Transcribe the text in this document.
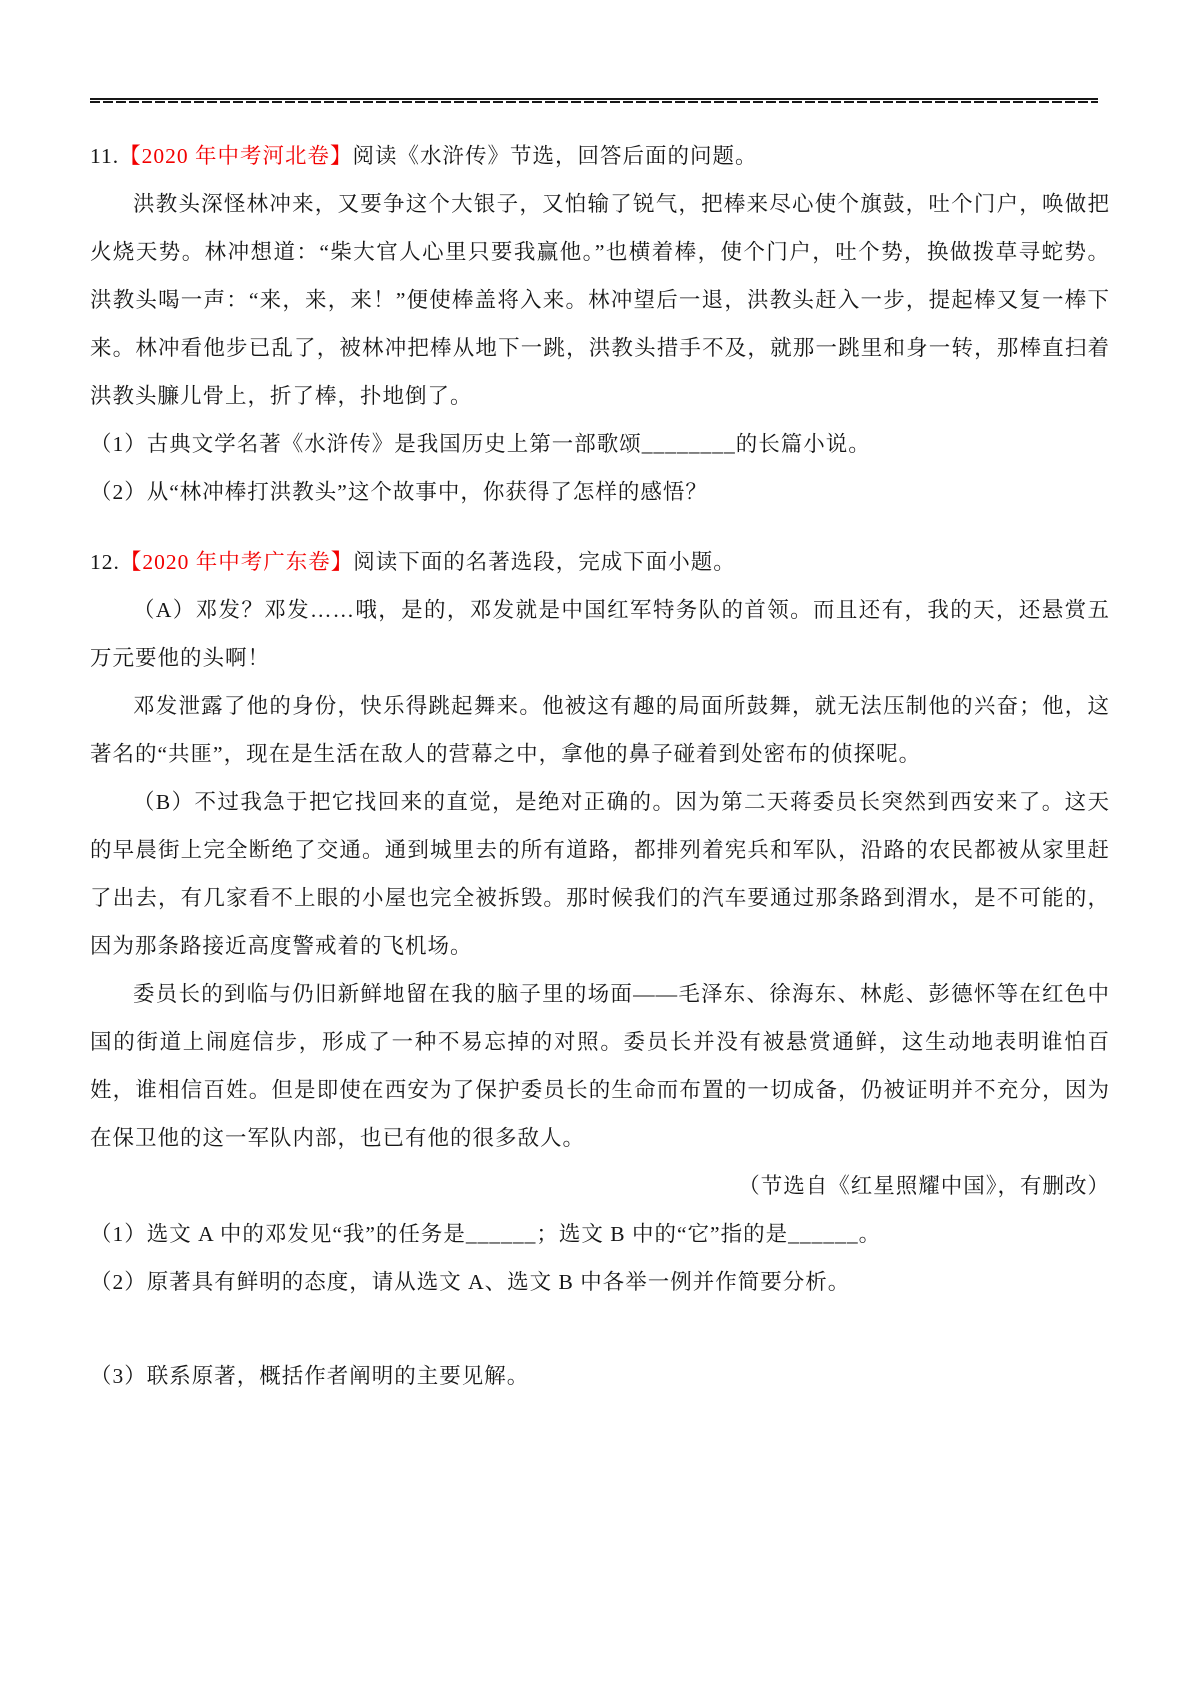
11.【2020 年中考河北卷】阅读《水浒传》节选，回答后面的问题。

洪教头深怪林冲来，又要争这个大银子，又怕输了锐气，把棒来尽心使个旗鼓，吐个门户，唤做把火烧天势。林冲想道：“柴大官人心里只要我赢他。”也横着棒，使个门户，吐个势，换做拨草寻蛇势。洪教头喝一声：“来，来，来！”便使棒盖将入来。林冲望后一退，洪教头赶入一步，提起棒又复一棒下来。林冲看他步已乱了，被林冲把棒从地下一跳，洪教头措手不及，就那一跳里和身一转，那棒直扫着洪教头臁儿骨上，折了棒，扑地倒了。

（1）古典文学名著《水浒传》是我国历史上第一部歌颂________的长篇小说。

（2）从“林冲棒打洪教头”这个故事中，你获得了怎样的感悟？

12.【2020 年中考广东卷】阅读下面的名著选段，完成下面小题。

（A）邓发？邓发……哦，是的，邓发就是中国红军特务队的首领。而且还有，我的天，还悬赏五万元要他的头啊！

邓发泄露了他的身份，快乐得跳起舞来。他被这有趣的局面所鼓舞，就无法压制他的兴奋；他，这著名的“共匪”，现在是生活在敌人的营幕之中，拿他的鼻子碰着到处密布的侦探呢。

（B）不过我急于把它找回来的直觉，是绝对正确的。因为第二天蒋委员长突然到西安来了。这天的早晨街上完全断绝了交通。通到城里去的所有道路，都排列着宪兵和军队，沿路的农民都被从家里赶了出去，有几家看不上眼的小屋也完全被拆毁。那时候我们的汽车要通过那条路到渭水，是不可能的，因为那条路接近高度警戒着的飞机场。

委员长的到临与仍旧新鲜地留在我的脑子里的场面——毛泽东、徐海东、林彪、彭德怀等在红色中国的街道上闹庭信步，形成了一种不易忘掉的对照。委员长并没有被悬赏通鲜，这生动地表明谁怕百姓，谁相信百姓。但是即使在西安为了保护委员长的生命而布置的一切成备，仍被证明并不充分，因为在保卫他的这一军队内部，也已有他的很多敌人。

（节选自《红星照耀中国》，有删改）

（1）选文 A 中的邓发见“我”的任务是______；选文 B 中的“它”指的是______。

（2）原著具有鲜明的态度，请从选文 A、选文 B 中各举一例并作简要分析。

（3）联系原著，概括作者阐明的主要见解。
